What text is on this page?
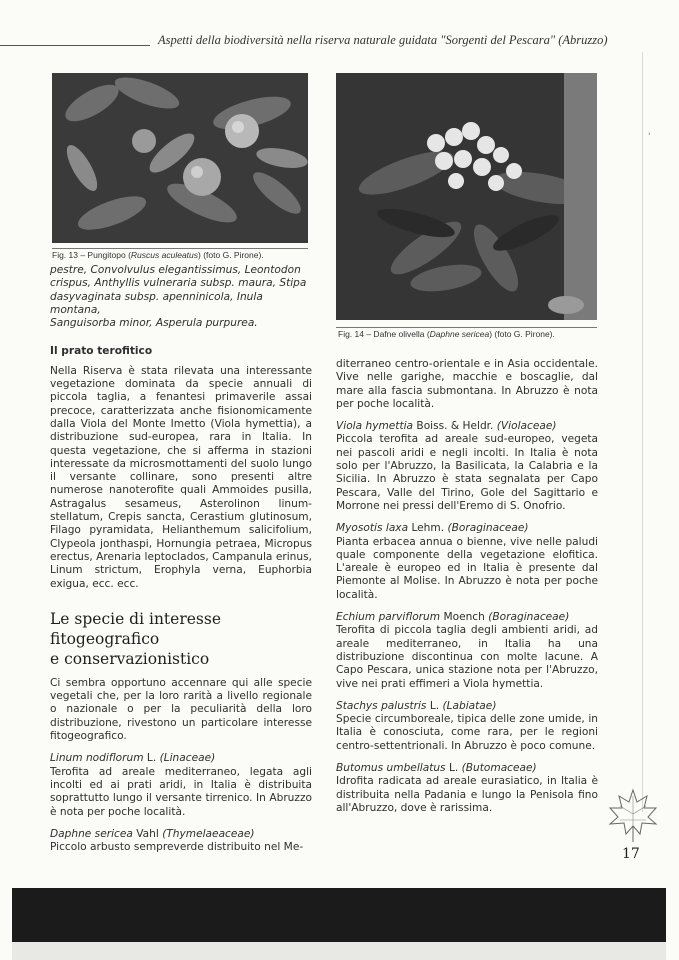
Aspetti della biodiversità nella riserva naturale guidata "Sorgenti del Pescara" (Abruzzo)
'
Fig. 13 – Pungitopo (Ruscus aculeatus) (foto G. Pirone).
Fig. 14 – Dafne olivella (Daphne sericea) (foto G. Pirone).
pestre, Convolvulus elegantissimus, Leontodon
crispus, Anthyllis vulneraria subsp. maura, Stipa
dasyvaginata subsp. apenninicola, Inula montana,
Sanguisorba minor, Asperula purpurea.

Il prato terofitico

Nella Riserva è stata rilevata una interessante vegetazione dominata da specie annuali di piccola taglia, a fenantesi primaverile assai precoce, caratterizzata anche fisionomicamente dalla Viola del Monte Imetto (Viola hymettia), a distribuzione sud-europea, rara in Italia. In questa vegetazione, che si afferma in stazioni interessate da microsmottamenti del suolo lungo il versante collinare, sono presenti altre numerose nanoterofite quali Ammoides pusilla, Astragalus sesameus, Asterolinon linum-stellatum, Crepis sancta, Cerastium glutinosum, Filago pyramidata, Helianthemum salicifolium, Clypeola jonthaspi, Hornungia petraea, Micropus erectus, Arenaria leptoclados, Campanula erinus, Linum strictum, Erophyla verna, Euphorbia exigua, ecc. ecc.

Le specie di interesse fitogeografico
e conservazionistico

Ci sembra opportuno accennare qui alle specie vegetali che, per la loro rarità a livello regionale o nazionale o per la peculiarità della loro distribuzione, rivestono un particolare interesse fitogeografico.

Linum nodiflorum L. (Linaceae)

Terofita ad areale mediterraneo, legata agli incolti ed ai prati aridi, in Italia è distribuita soprattutto lungo il versante tirrenico. In Abruzzo è nota per poche località.

Daphne sericea Vahl (Thymelaeaceae)

Piccolo arbusto sempreverde distribuito nel Me-

diterraneo centro-orientale e in Asia occidentale. Vive nelle garighe, macchie e boscaglie, dal mare alla fascia submontana. In Abruzzo è nota per poche località.

Viola hymettia Boiss. & Heldr. (Violaceae)

Piccola terofita ad areale sud-europeo, vegeta nei pascoli aridi e negli incolti. In Italia è nota solo per l'Abruzzo, la Basilicata, la Calabria e la Sicilia. In Abruzzo è stata segnalata per Capo Pescara, Valle del Tirino, Gole del Sagittario e Morrone nei pressi dell'Eremo di S. Onofrio.

Myosotis laxa Lehm. (Boraginaceae)

Pianta erbacea annua o bienne, vive nelle paludi quale componente della vegetazione elofitica. L'areale è europeo ed in Italia è presente dal Piemonte al Molise. In Abruzzo è nota per poche località.

Echium parviflorum Moench (Boraginaceae)

Terofita di piccola taglia degli ambienti aridi, ad areale mediterraneo, in Italia ha una distribuzione discontinua con molte lacune. A Capo Pescara, unica stazione nota per l'Abruzzo, vive nei prati effimeri a Viola hymettia.

Stachys palustris L. (Labiatae)

Specie circumboreale, tipica delle zone umide, in Italia è conosciuta, come rara, per le regioni centro-settentrionali. In Abruzzo è poco comune.

Butomus umbellatus L. (Butomaceae)

Idrofita radicata ad areale eurasiatico, in Italia è distribuita nella Padania e lungo la Penisola fino all'Abruzzo, dove è rarissima.

17
